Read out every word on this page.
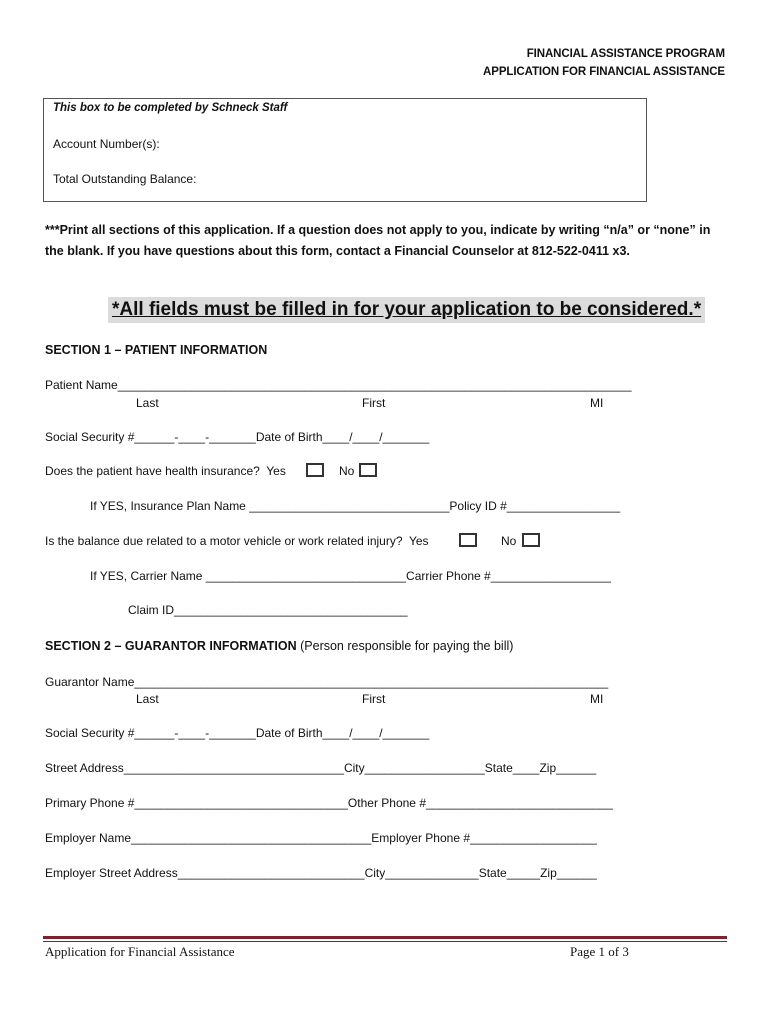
FINANCIAL ASSISTANCE PROGRAM
APPLICATION FOR FINANCIAL ASSISTANCE
This box to be completed by Schneck Staff
Account Number(s):
Total Outstanding Balance:
***Print all sections of this application. If a question does not apply to you, indicate by writing “n/a” or “none” in the blank. If you have questions about this form, contact a Financial Counselor at 812-522-0411 x3.
*All fields must be filled in for your application to be considered.*
SECTION 1 – PATIENT INFORMATION
Patient Name_____________________________________________________________________________
Last	First	MI
Social Security #______-____-_______Date of Birth____/____/_______
Does the patient have health insurance?  Yes	No
If YES, Insurance Plan Name ______________________________Policy ID #_________________
Is the balance due related to a motor vehicle or work related injury?  Yes	No
If YES, Carrier Name ______________________________Carrier Phone #__________________
Claim ID___________________________________
SECTION 2 – GUARANTOR INFORMATION (Person responsible for paying the bill)
Guarantor Name_______________________________________________________________________
Last	First	MI
Social Security #______-____-_______Date of Birth____/____/_______
Street Address_________________________________City__________________State____Zip______
Primary Phone #________________________________Other Phone #____________________________
Employer Name____________________________________Employer Phone #___________________
Employer Street Address____________________________City______________State_____Zip______
Application for Financial Assistance	Page 1 of 3
